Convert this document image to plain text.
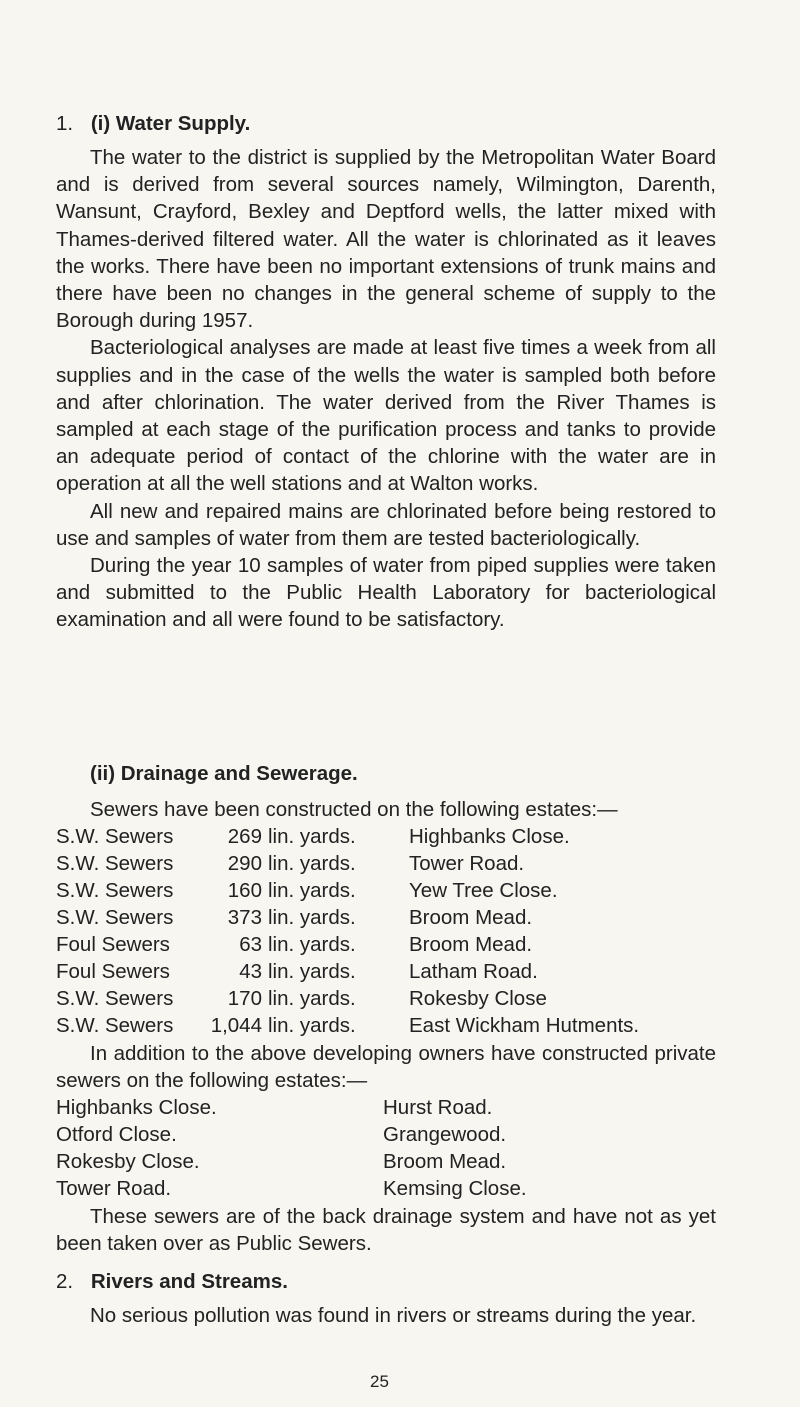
1. (i) Water Supply.

The water to the district is supplied by the Metropolitan Water Board and is derived from several sources namely, Wilmington, Darenth, Wansunt, Crayford, Bexley and Deptford wells, the latter mixed with Thames-derived filtered water. All the water is chlorinated as it leaves the works. There have been no important extensions of trunk mains and there have been no changes in the general scheme of supply to the Borough during 1957.

Bacteriological analyses are made at least five times a week from all supplies and in the case of the wells the water is sampled both before and after chlorination. The water derived from the River Thames is sampled at each stage of the purification process and tanks to provide an adequate period of contact of the chlorine with the water are in operation at all the well stations and at Walton works.

All new and repaired mains are chlorinated before being restored to use and samples of water from them are tested bacteriologically.

During the year 10 samples of water from piped supplies were taken and submitted to the Public Health Laboratory for bacteriological examination and all were found to be satisfactory.

(ii) Drainage and Sewerage.
Sewers have been constructed on the following estates:—
S.W. Sewers	269 lin. yards.	Highbanks Close.
S.W. Sewers	290 lin. yards.	Tower Road.
S.W. Sewers	160 lin. yards.	Yew Tree Close.
S.W. Sewers	373 lin. yards.	Broom Mead.
Foul Sewers	63 lin. yards.	Broom Mead.
Foul Sewers	43 lin. yards.	Latham Road.
S.W. Sewers	170 lin. yards.	Rokesby Close
S.W. Sewers 1,044 lin. yards.	East Wickham Hutments.

In addition to the above developing owners have constructed private sewers on the following estates:—

Highbanks Close.	Hurst Road.
Otford Close.	Grangewood.
Rokesby Close.	Broom Mead.
Tower Road.	Kemsing Close.

These sewers are of the back drainage system and have not as yet been taken over as Public Sewers.

2. Rivers and Streams.

No serious pollution was found in rivers or streams during the year.

25
